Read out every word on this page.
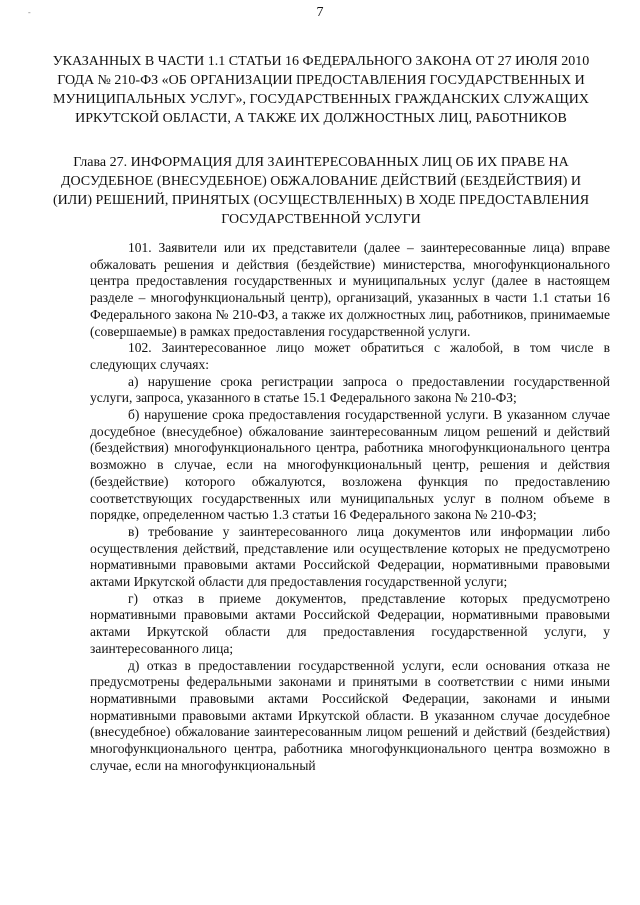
-	7
УКАЗАННЫХ В ЧАСТИ 1.1 СТАТЬИ 16 ФЕДЕРАЛЬНОГО ЗАКОНА ОТ 27 ИЮЛЯ 2010 ГОДА № 210-ФЗ «ОБ ОРГАНИЗАЦИИ ПРЕДОСТАВЛЕНИЯ ГОСУДАРСТВЕННЫХ И МУНИЦИПАЛЬНЫХ УСЛУГ», ГОСУДАРСТВЕННЫХ ГРАЖДАНСКИХ СЛУЖАЩИХ ИРКУТСКОЙ ОБЛАСТИ, А ТАКЖЕ ИХ ДОЛЖНОСТНЫХ ЛИЦ, РАБОТНИКОВ
Глава 27. ИНФОРМАЦИЯ ДЛЯ ЗАИНТЕРЕСОВАННЫХ ЛИЦ ОБ ИХ ПРАВЕ НА ДОСУДЕБНОЕ (ВНЕСУДЕБНОЕ) ОБЖАЛОВАНИЕ ДЕЙСТВИЙ (БЕЗДЕЙСТВИЯ) И (ИЛИ) РЕШЕНИЙ, ПРИНЯТЫХ (ОСУЩЕСТВЛЕННЫХ) В ХОДЕ ПРЕДОСТАВЛЕНИЯ ГОСУДАРСТВЕННОЙ УСЛУГИ

101. Заявители или их представители (далее – заинтересованные лица) вправе обжаловать решения и действия (бездействие) министерства, многофункционального центра предоставления государственных и муниципальных услуг (далее в настоящем разделе – многофункциональный центр), организаций, указанных в части 1.1 статьи 16 Федерального закона № 210-ФЗ, а также их должностных лиц, работников, принимаемые (совершаемые) в рамках предоставления государственной услуги.

102. Заинтересованное лицо может обратиться с жалобой, в том числе в следующих случаях:

а) нарушение срока регистрации запроса о предоставлении государственной услуги, запроса, указанного в статье 15.1 Федерального закона № 210-ФЗ;

б) нарушение срока предоставления государственной услуги. В указанном случае досудебное (внесудебное) обжалование заинтересованным лицом решений и действий (бездействия) многофункционального центра, работника многофункционального центра возможно в случае, если на многофункциональный центр, решения и действия (бездействие) которого обжалуются, возложена функция по предоставлению соответствующих государственных или муниципальных услуг в полном объеме в порядке, определенном частью 1.3 статьи 16 Федерального закона № 210-ФЗ;

в) требование у заинтересованного лица документов или информации либо осуществления действий, представление или осуществление которых не предусмотрено нормативными правовыми актами Российской Федерации, нормативными правовыми актами Иркутской области для предоставления государственной услуги;

г) отказ в приеме документов, представление которых предусмотрено нормативными правовыми актами Российской Федерации, нормативными правовыми актами Иркутской области для предоставления государственной услуги, у заинтересованного лица;

д) отказ в предоставлении государственной услуги, если основания отказа не предусмотрены федеральными законами и принятыми в соответствии с ними иными нормативными правовыми актами Российской Федерации, законами и иными нормативными правовыми актами Иркутской области. В указанном случае досудебное (внесудебное) обжалование заинтересованным лицом решений и действий (бездействия) многофункционального центра, работника многофункционального центра возможно в случае, если на многофункциональный
